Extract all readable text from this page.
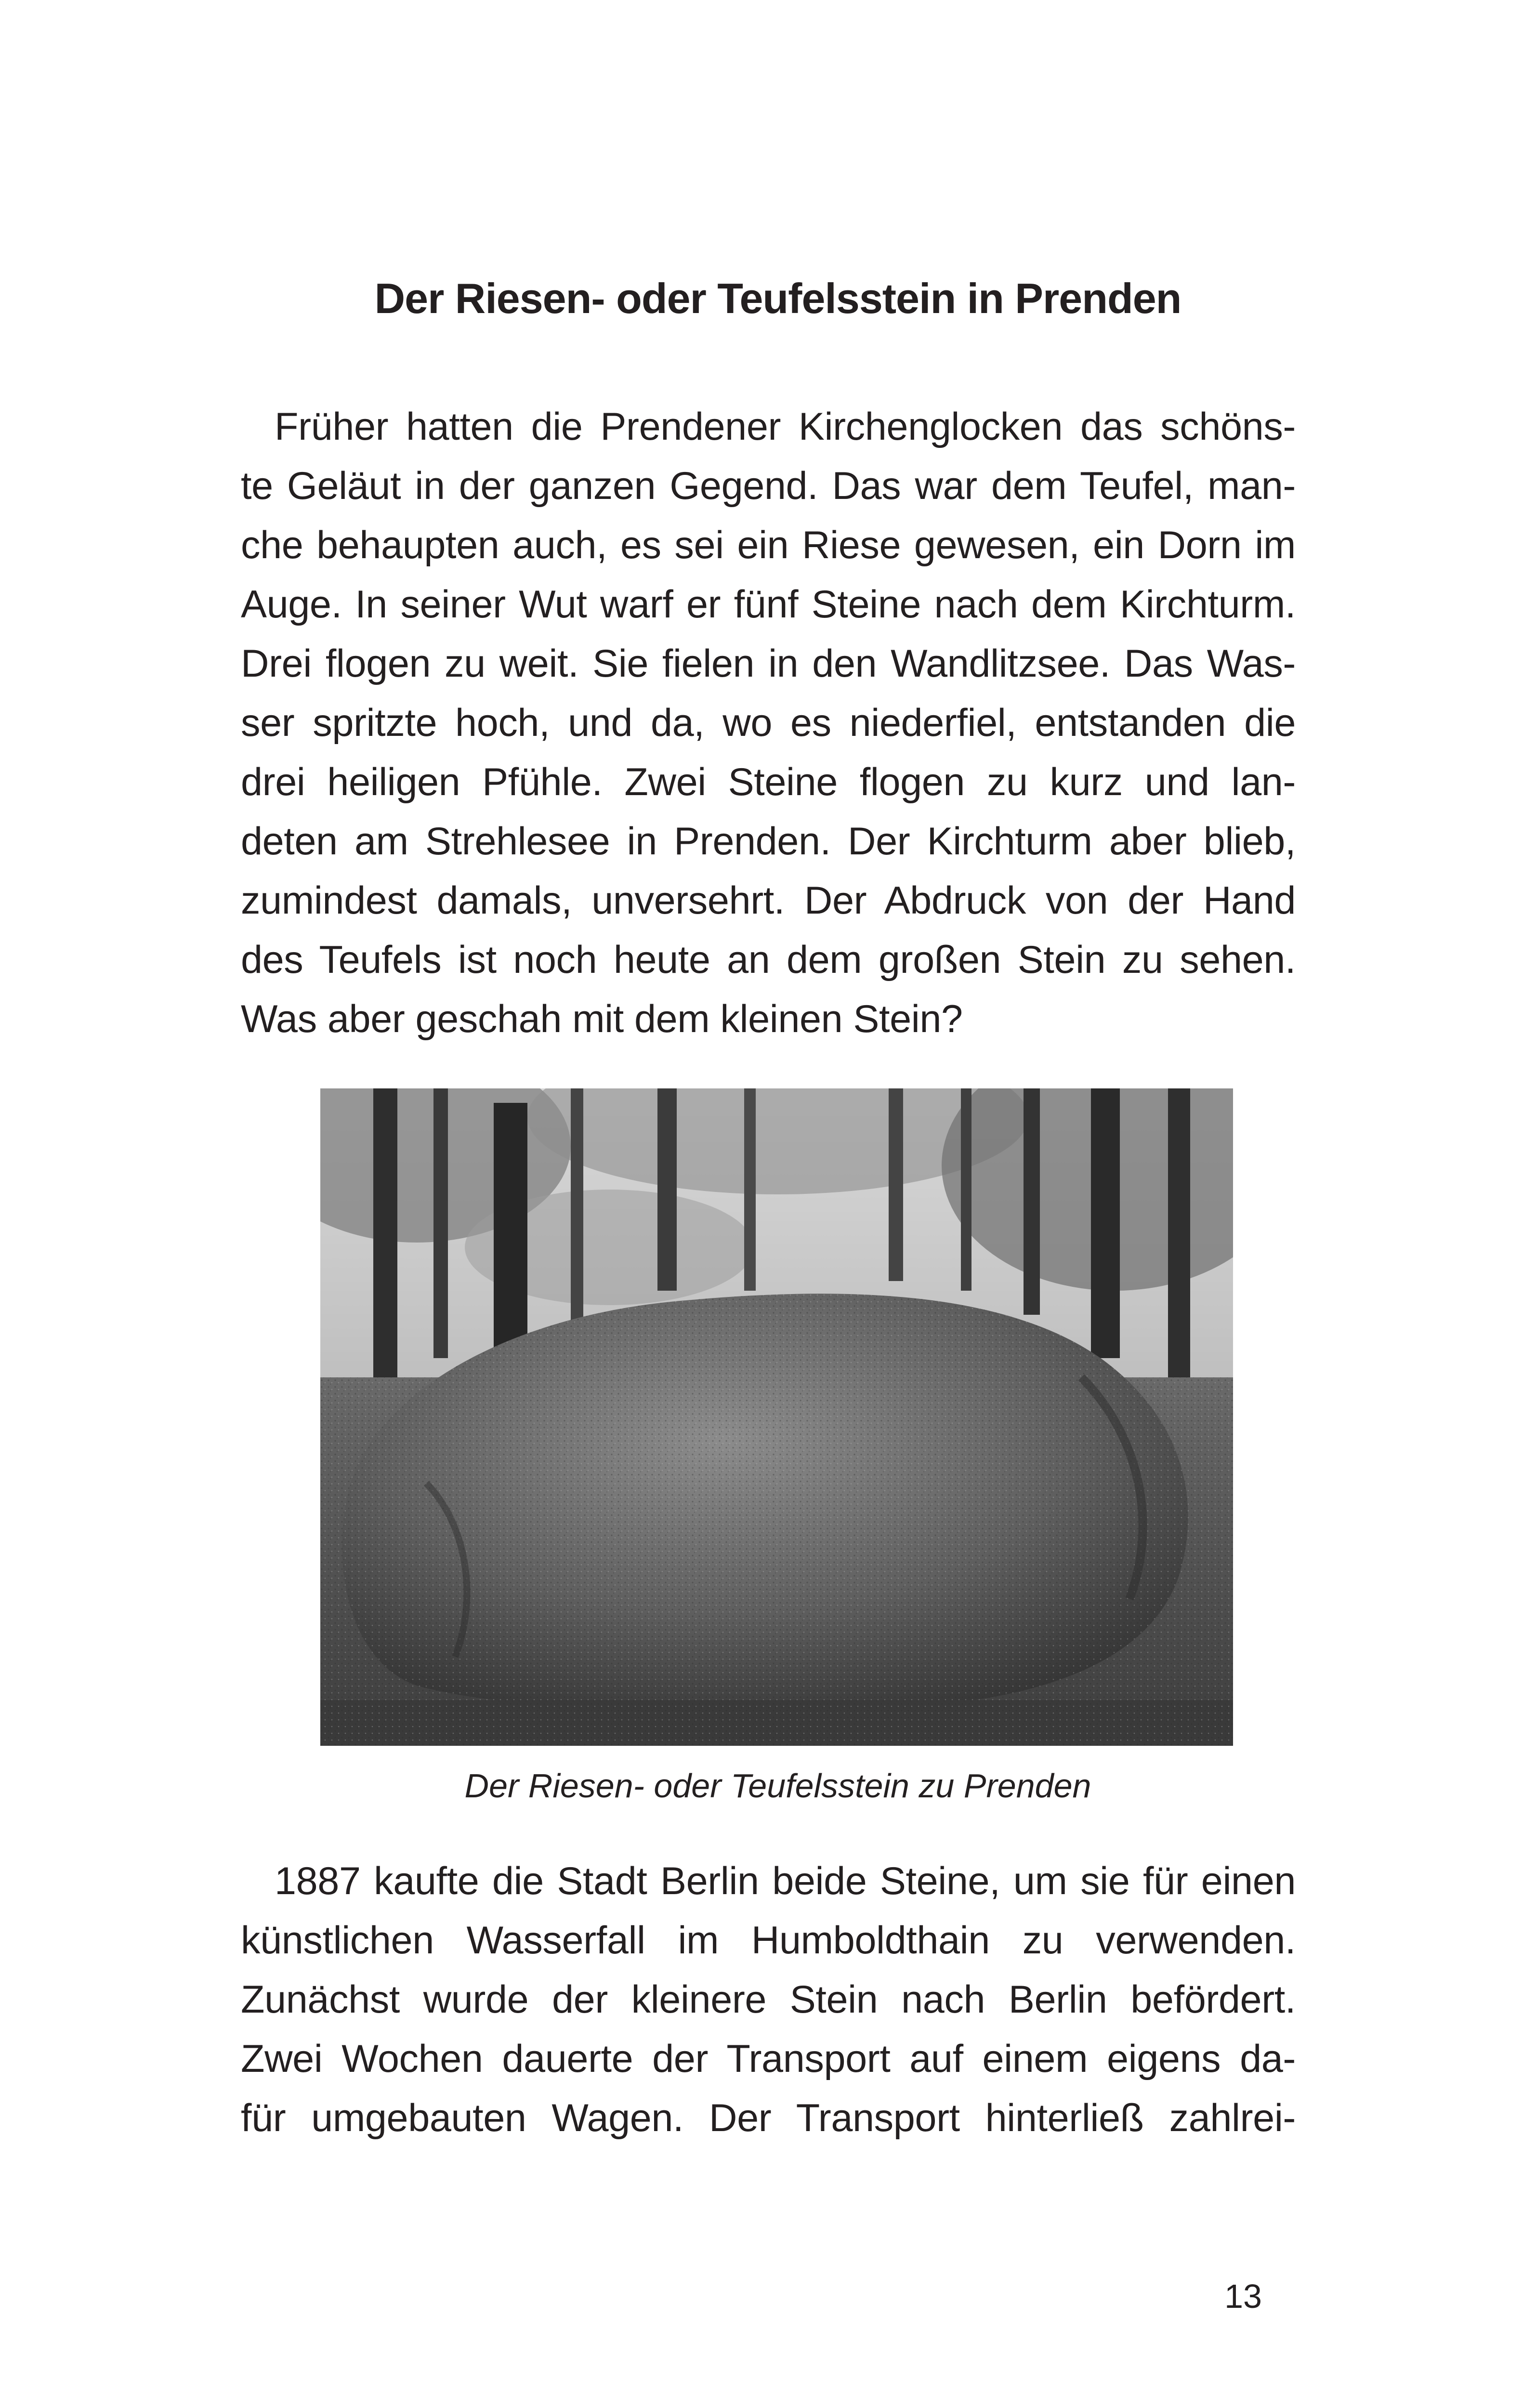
Der Riesen- oder Teufelsstein in Prenden
Früher hatten die Prendener Kirchenglocken das schöns-
te Geläut in der ganzen Gegend. Das war dem Teufel, man-
che behaupten auch, es sei ein Riese gewesen, ein Dorn im
Auge. In seiner Wut warf er fünf Steine nach dem Kirchturm.
Drei flogen zu weit. Sie fielen in den Wandlitzsee. Das Was-
ser spritzte hoch, und da, wo es niederfiel, entstanden die
drei heiligen Pfühle. Zwei Steine flogen zu kurz und lan-
deten am Strehlesee in Prenden. Der Kirchturm aber blieb,
zumindest damals, unversehrt. Der Abdruck von der Hand
des Teufels ist noch heute an dem großen Stein zu sehen.
Was aber geschah mit dem kleinen Stein?

Der Riesen- oder Teufelsstein zu Prenden

1887 kaufte die Stadt Berlin beide Steine, um sie für einen
künstlichen Wasserfall im Humboldthain zu verwenden.
Zunächst wurde der kleinere Stein nach Berlin befördert.
Zwei Wochen dauerte der Transport auf einem eigens da-
für umgebauten Wagen. Der Transport hinterließ zahlrei-
13
